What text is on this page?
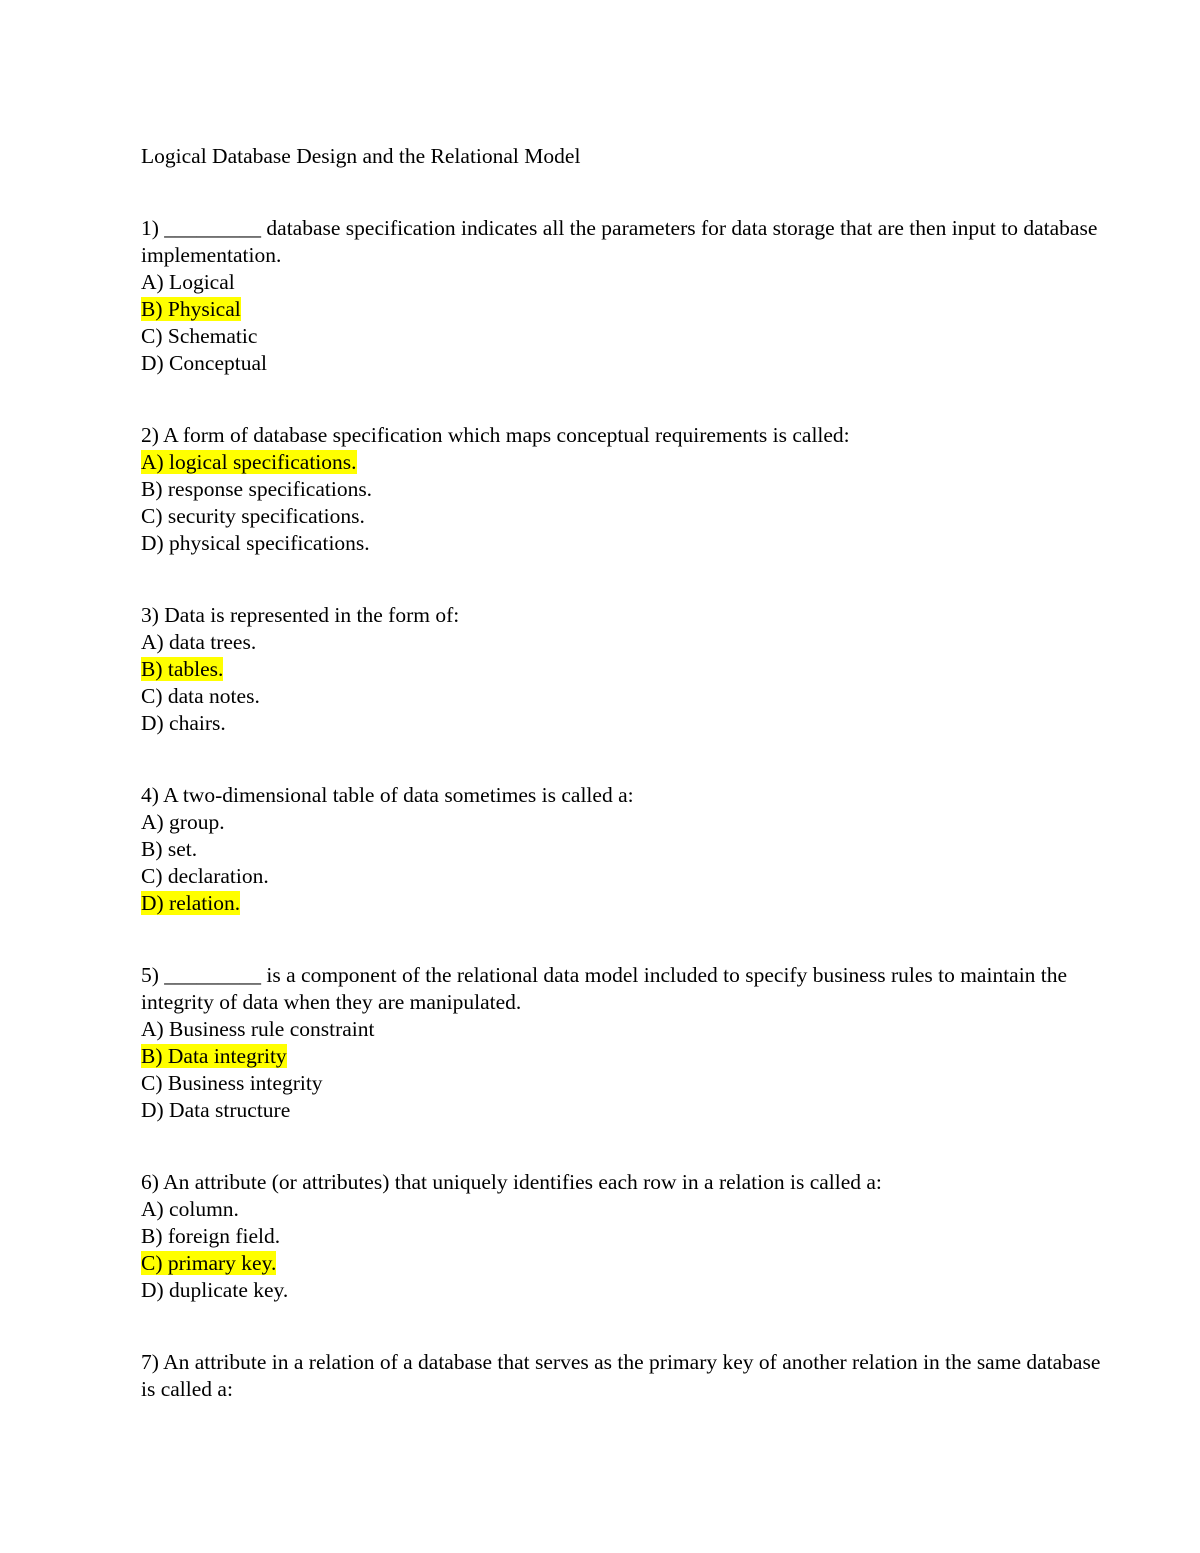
Logical Database Design and the Relational Model
1) _________ database specification indicates all the parameters for data storage that are then input to database implementation.
A) Logical
B) Physical
C) Schematic
D) Conceptual
2) A form of database specification which maps conceptual requirements is called:
A) logical specifications.
B) response specifications.
C) security specifications.
D) physical specifications.
3) Data is represented in the form of:
A) data trees.
B) tables.
C) data notes.
D) chairs.
4) A two-dimensional table of data sometimes is called a:
A) group.
B) set.
C) declaration.
D) relation.
5) _________ is a component of the relational data model included to specify business rules to maintain the integrity of data when they are manipulated.
A) Business rule constraint
B) Data integrity
C) Business integrity
D) Data structure
6) An attribute (or attributes) that uniquely identifies each row in a relation is called a:
A) column.
B) foreign field.
C) primary key.
D) duplicate key.
7) An attribute in a relation of a database that serves as the primary key of another relation in the same database is called a:
